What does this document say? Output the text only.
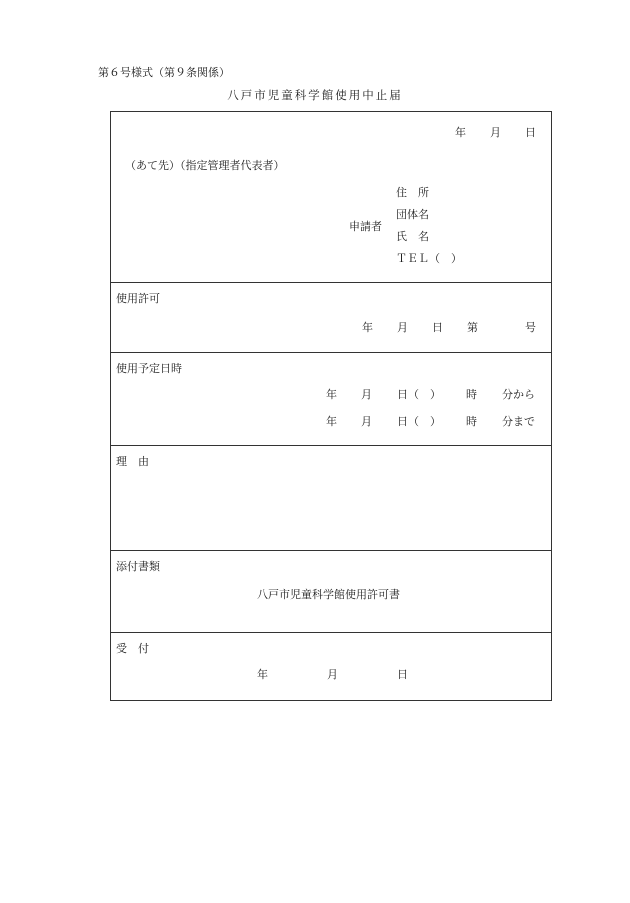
第６号様式（第９条関係）
八戸市児童科学館使用中止届
年 月 日
（あて先）（指定管理者代表者）
申請者
住　所
団体名
氏　名
ＴＥＬ（　）
使用許可
年 月 日 第	号
使用予定日時
年 月 日（　） 時 分から
年 月 日（　） 時 分まで
理　由
添付書類
八戸市児童科学館使用許可書
受　付
年	月	日
